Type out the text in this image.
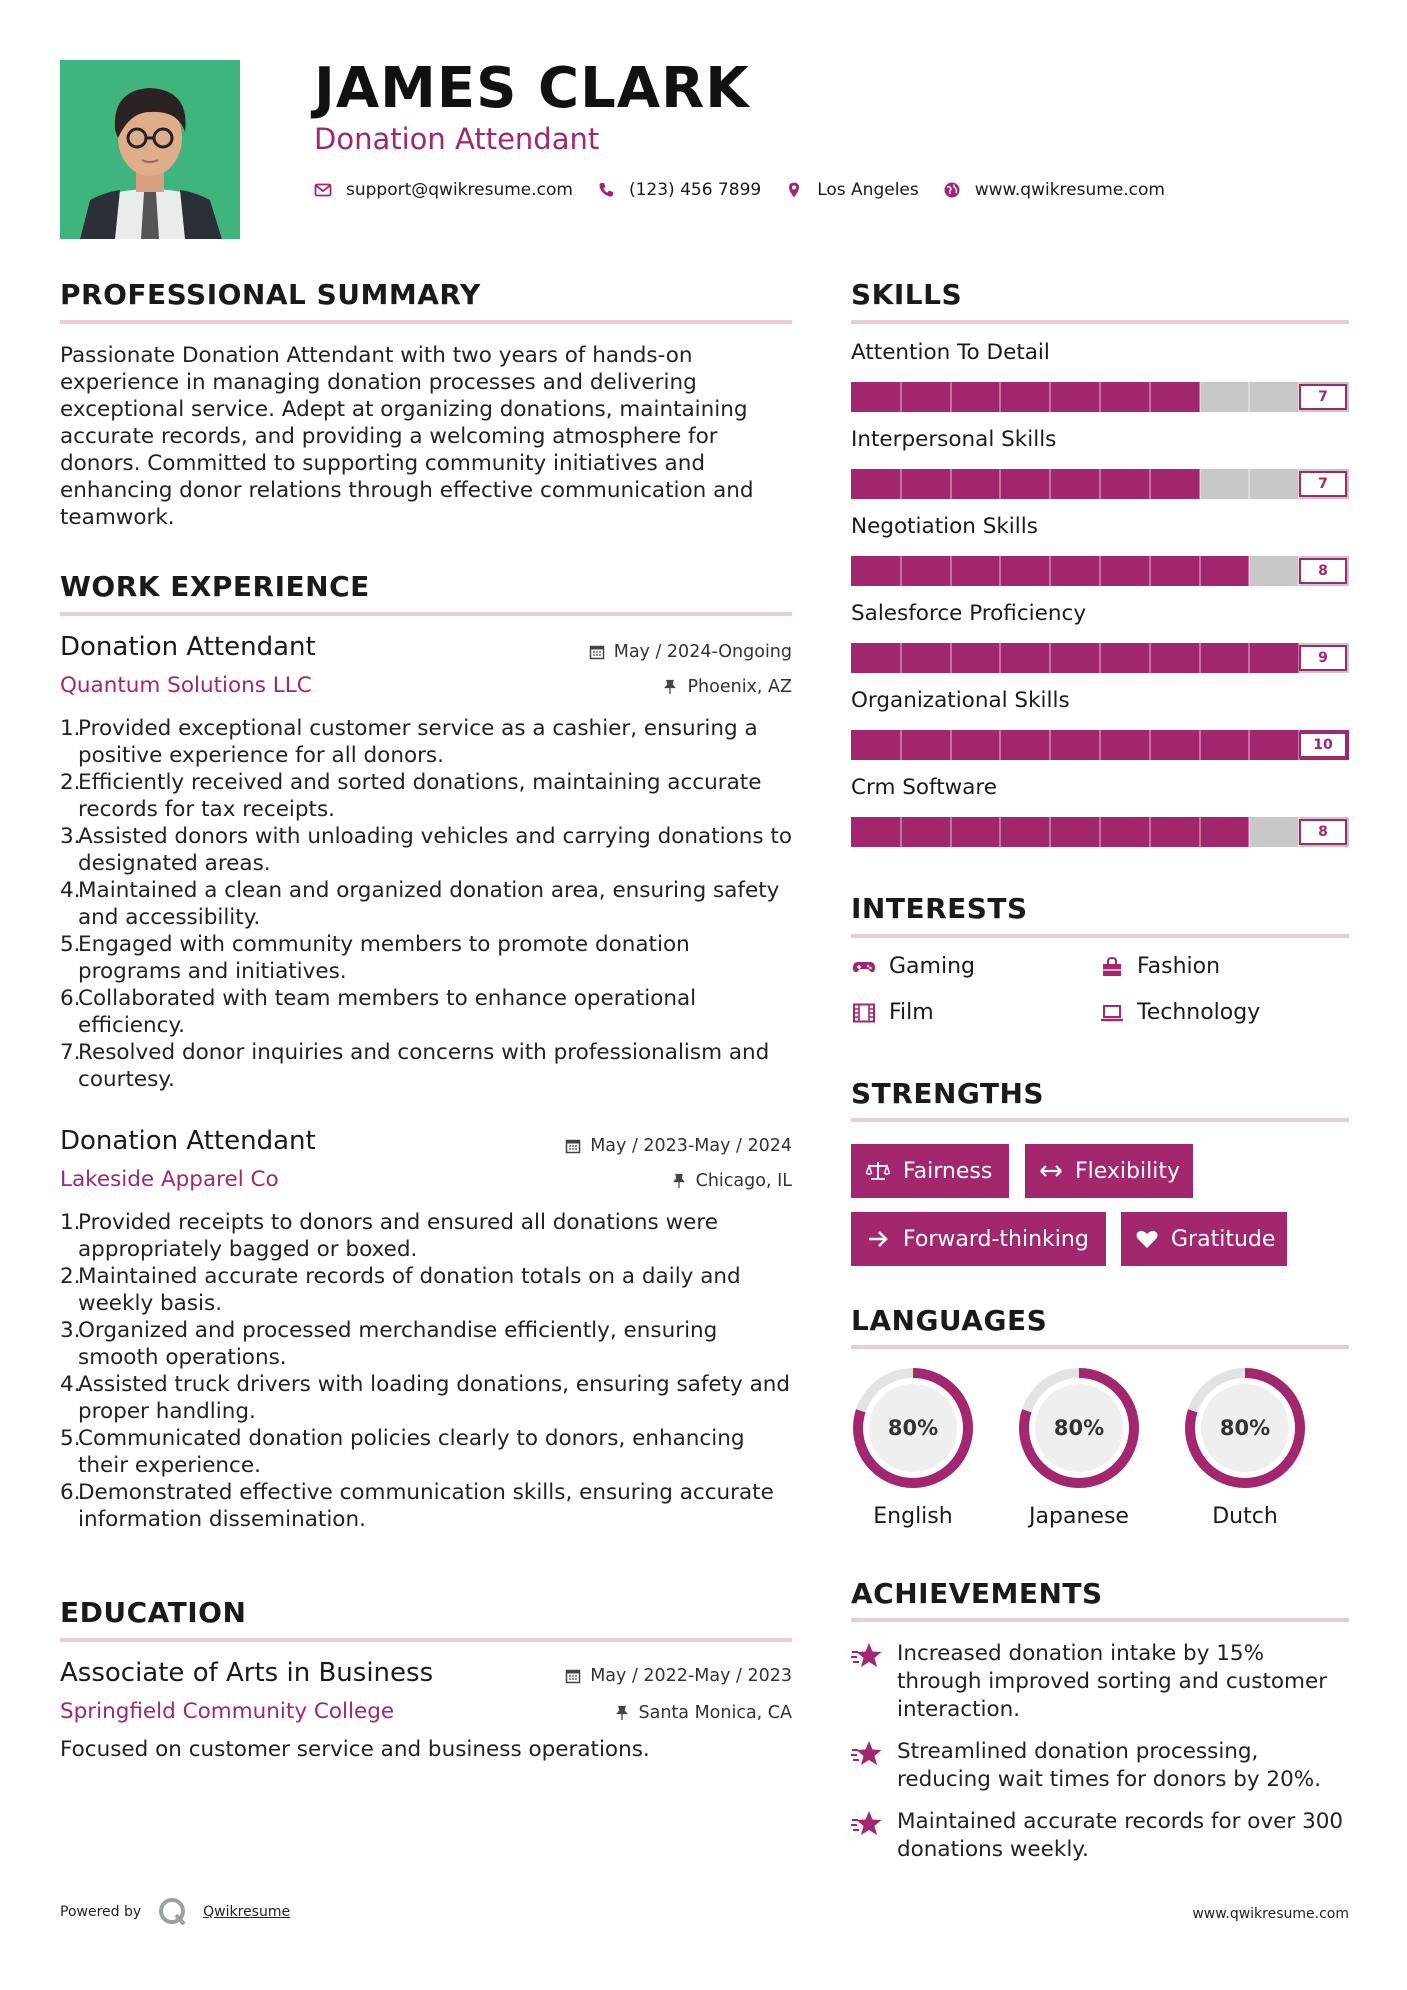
JAMES CLARK
Donation Attendant
support@qwikresume.com	(123) 456 7899	Los Angeles	www.qwikresume.com
PROFESSIONAL SUMMARY
Passionate Donation Attendant with two years of hands-on experience in managing donation processes and delivering exceptional service. Adept at organizing donations, maintaining accurate records, and providing a welcoming atmosphere for donors. Committed to supporting community initiatives and enhancing donor relations through effective communication and teamwork.
WORK EXPERIENCE
Donation Attendant	May / 2024-Ongoing
Quantum Solutions LLC	Phoenix, AZ
1.
Provided exceptional customer service as a cashier, ensuring a positive experience for all donors.
2.
Efficiently received and sorted donations, maintaining accurate records for tax receipts.
3.
Assisted donors with unloading vehicles and carrying donations to designated areas.
4.
Maintained a clean and organized donation area, ensuring safety and accessibility.
5.
Engaged with community members to promote donation programs and initiatives.
6.
Collaborated with team members to enhance operational efficiency.
7.
Resolved donor inquiries and concerns with professionalism and courtesy.
Donation Attendant	May / 2023-May / 2024
Lakeside Apparel Co	Chicago, IL
1.
Provided receipts to donors and ensured all donations were appropriately bagged or boxed.
2.
Maintained accurate records of donation totals on a daily and weekly basis.
3.
Organized and processed merchandise efficiently, ensuring smooth operations.
4.
Assisted truck drivers with loading donations, ensuring safety and proper handling.
5.
Communicated donation policies clearly to donors, enhancing their experience.
6.
Demonstrated effective communication skills, ensuring accurate information dissemination.
EDUCATION
Associate of Arts in Business	May / 2022-May / 2023
Springfield Community College	Santa Monica, CA
Focused on customer service and business operations.
SKILLS
Attention To Detail
7
Interpersonal Skills
7
Negotiation Skills
8
Salesforce Proficiency
9
Organizational Skills
10
Crm Software
8
INTERESTS
Gaming	Fashion
Film	Technology
STRENGTHS
Fairness	Flexibility
Forward-thinking	Gratitude
LANGUAGES
80%
English
80%
Japanese
80%
Dutch
ACHIEVEMENTS
Increased donation intake by 15% through improved sorting and customer interaction.
Streamlined donation processing, reducing wait times for donors by 20%.
Maintained accurate records for over 300 donations weekly.
Powered by	Qwikresume	www.qwikresume.com
